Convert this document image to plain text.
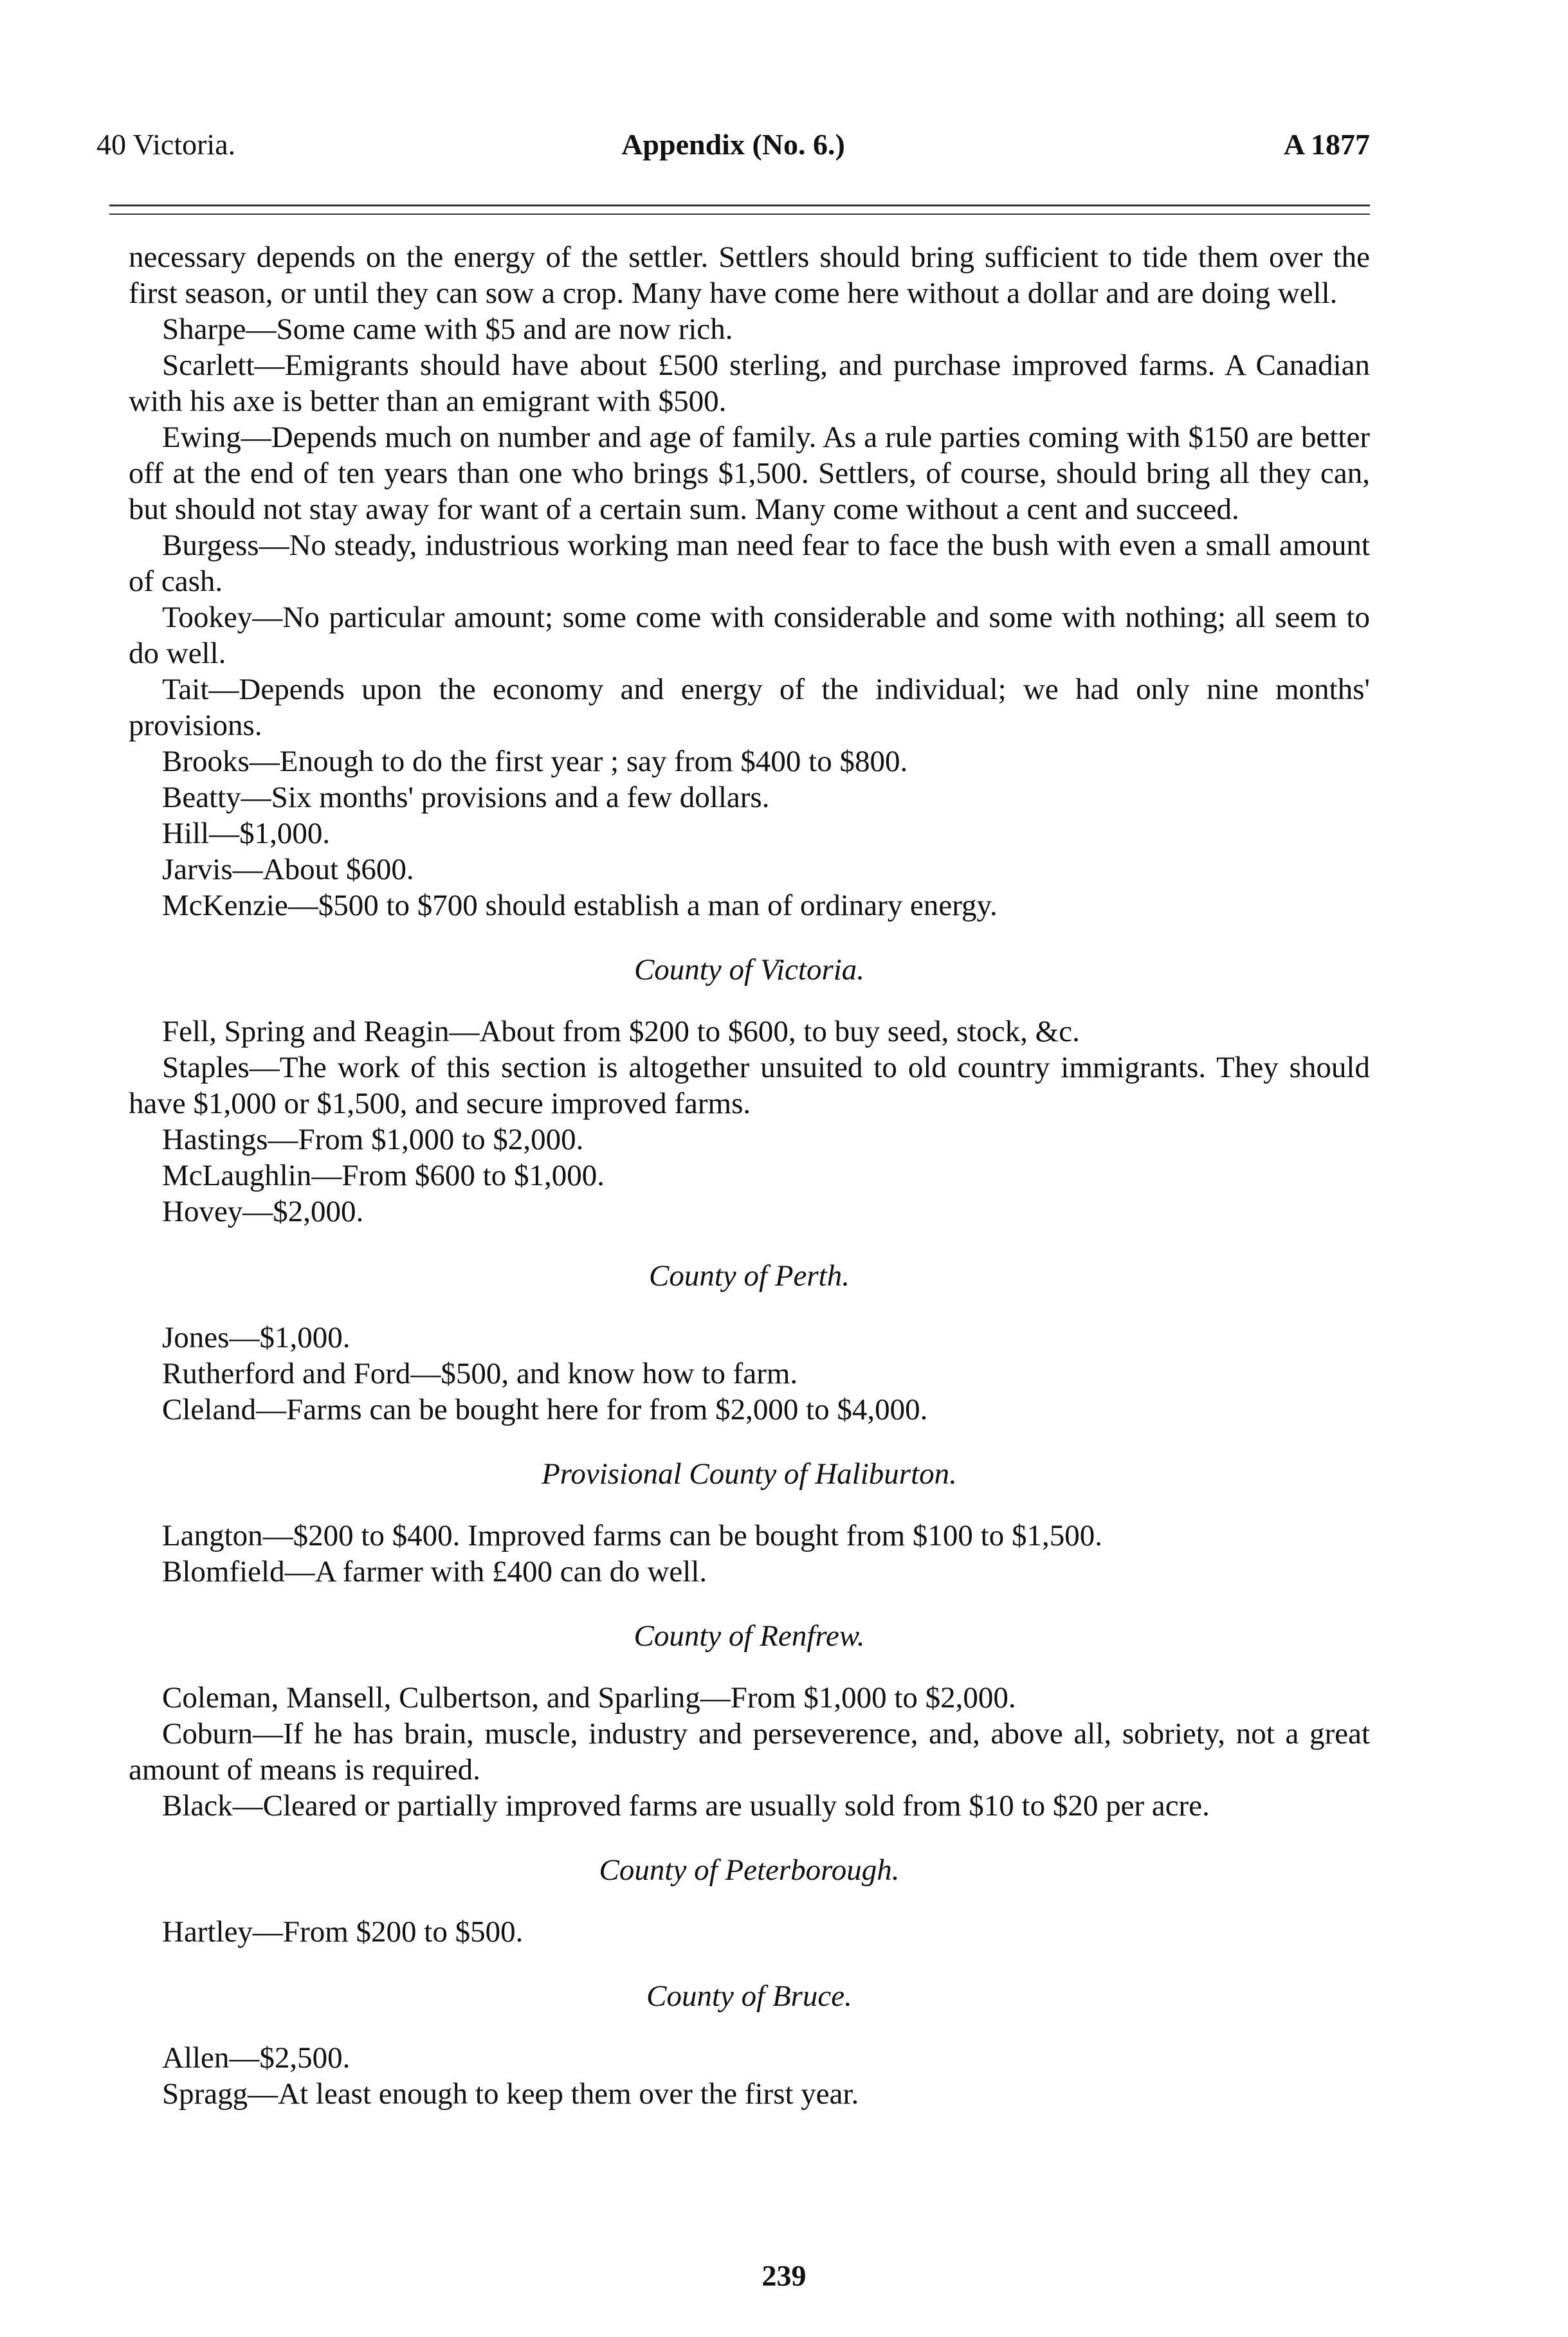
40 Victoria.	Appendix (No. 6.)	A 1877

necessary depends on the energy of the settler. Settlers should bring sufficient to tide them over the first season, or until they can sow a crop. Many have come here without a dollar and are doing well.

Sharpe—Some came with $5 and are now rich.

Scarlett—Emigrants should have about £500 sterling, and purchase improved farms. A Canadian with his axe is better than an emigrant with $500.

Ewing—Depends much on number and age of family. As a rule parties coming with $150 are better off at the end of ten years than one who brings $1,500. Settlers, of course, should bring all they can, but should not stay away for want of a certain sum. Many come without a cent and succeed.

Burgess—No steady, industrious working man need fear to face the bush with even a small amount of cash.

Tookey—No particular amount; some come with considerable and some with nothing; all seem to do well.

Tait—Depends upon the economy and energy of the individual; we had only nine months' provisions.

Brooks—Enough to do the first year ; say from $400 to $800.

Beatty—Six months' provisions and a few dollars.

Hill—$1,000.

Jarvis—About $600.

McKenzie—$500 to $700 should establish a man of ordinary energy.

County of Victoria.

Fell, Spring and Reagin—About from $200 to $600, to buy seed, stock, &c.

Staples—The work of this section is altogether unsuited to old country immigrants. They should have $1,000 or $1,500, and secure improved farms.

Hastings—From $1,000 to $2,000.

McLaughlin—From $600 to $1,000.

Hovey—$2,000.

County of Perth.

Jones—$1,000.

Rutherford and Ford—$500, and know how to farm.

Cleland—Farms can be bought here for from $2,000 to $4,000.

Provisional County of Haliburton.

Langton—$200 to $400. Improved farms can be bought from $100 to $1,500.

Blomfield—A farmer with £400 can do well.

County of Renfrew.

Coleman, Mansell, Culbertson, and Sparling—From $1,000 to $2,000.

Coburn—If he has brain, muscle, industry and perseverence, and, above all, sobriety, not a great amount of means is required.

Black—Cleared or partially improved farms are usually sold from $10 to $20 per acre.

County of Peterborough.

Hartley—From $200 to $500.

County of Bruce.

Allen—$2,500.

Spragg—At least enough to keep them over the first year.

239
